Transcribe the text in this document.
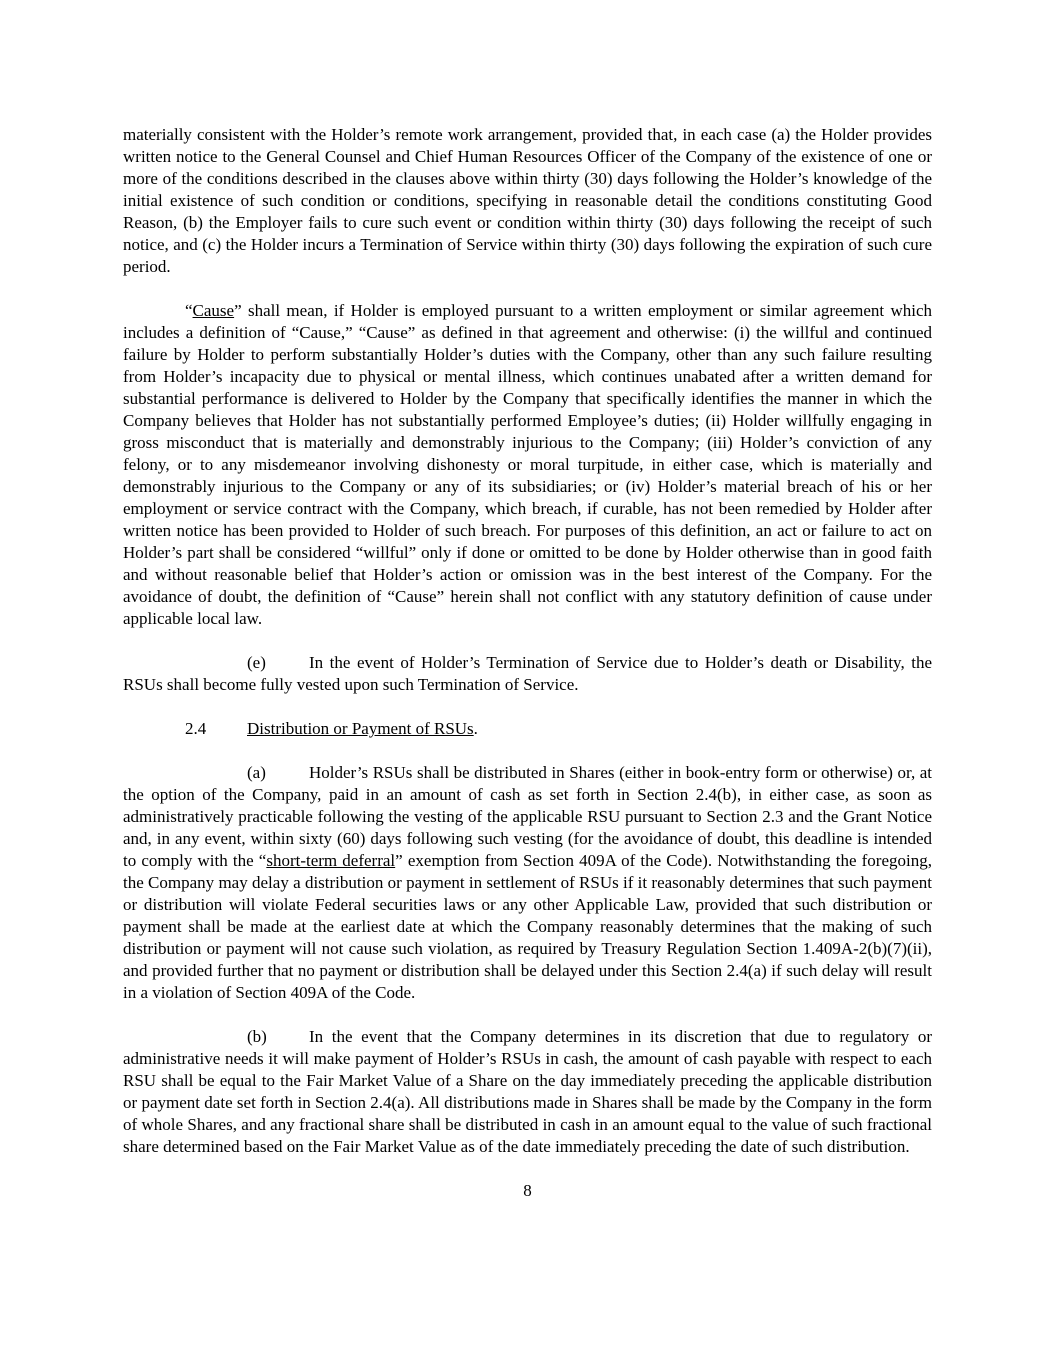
materially consistent with the Holder’s remote work arrangement, provided that, in each case (a) the Holder provides written notice to the General Counsel and Chief Human Resources Officer of the Company of the existence of one or more of the conditions described in the clauses above within thirty (30) days following the Holder’s knowledge of the initial existence of such condition or conditions, specifying in reasonable detail the conditions constituting Good Reason, (b) the Employer fails to cure such event or condition within thirty (30) days following the receipt of such notice, and (c) the Holder incurs a Termination of Service within thirty (30) days following the expiration of such cure period.

“Cause” shall mean, if Holder is employed pursuant to a written employment or similar agreement which includes a definition of “Cause,” “Cause” as defined in that agreement and otherwise: (i) the willful and continued failure by Holder to perform substantially Holder’s duties with the Company, other than any such failure resulting from Holder’s incapacity due to physical or mental illness, which continues unabated after a written demand for substantial performance is delivered to Holder by the Company that specifically identifies the manner in which the Company believes that Holder has not substantially performed Employee’s duties; (ii) Holder willfully engaging in gross misconduct that is materially and demonstrably injurious to the Company; (iii) Holder’s conviction of any felony, or to any misdemeanor involving dishonesty or moral turpitude, in either case, which is materially and demonstrably injurious to the Company or any of its subsidiaries; or (iv) Holder’s material breach of his or her employment or service contract with the Company, which breach, if curable, has not been remedied by Holder after written notice has been provided to Holder of such breach. For purposes of this definition, an act or failure to act on Holder’s part shall be considered “willful” only if done or omitted to be done by Holder otherwise than in good faith and without reasonable belief that Holder’s action or omission was in the best interest of the Company. For the avoidance of doubt, the definition of “Cause” herein shall not conflict with any statutory definition of cause under applicable local law.

(e)	In the event of Holder’s Termination of Service due to Holder’s death or Disability, the RSUs shall become fully vested upon such Termination of Service.

2.4 Distribution or Payment of RSUs.

(a)	Holder’s RSUs shall be distributed in Shares (either in book-entry form or otherwise) or, at the option of the Company, paid in an amount of cash as set forth in Section 2.4(b), in either case, as soon as administratively practicable following the vesting of the applicable RSU pursuant to Section 2.3 and the Grant Notice and, in any event, within sixty (60) days following such vesting (for the avoidance of doubt, this deadline is intended to comply with the “short-term deferral” exemption from Section 409A of the Code). Notwithstanding the foregoing, the Company may delay a distribution or payment in settlement of RSUs if it reasonably determines that such payment or distribution will violate Federal securities laws or any other Applicable Law, provided that such distribution or payment shall be made at the earliest date at which the Company reasonably determines that the making of such distribution or payment will not cause such violation, as required by Treasury Regulation Section 1.409A-2(b)(7)(ii), and provided further that no payment or distribution shall be delayed under this Section 2.4(a) if such delay will result in a violation of Section 409A of the Code.

(b) In the event that the Company determines in its discretion that due to regulatory or administrative needs it will make payment of Holder’s RSUs in cash, the amount of cash payable with respect to each RSU shall be equal to the Fair Market Value of a Share on the day immediately preceding the applicable distribution or payment date set forth in Section 2.4(a). All distributions made in Shares shall be made by the Company in the form of whole Shares, and any fractional share shall be distributed in cash in an amount equal to the value of such fractional share determined based on the Fair Market Value as of the date immediately preceding the date of such distribution.

8
